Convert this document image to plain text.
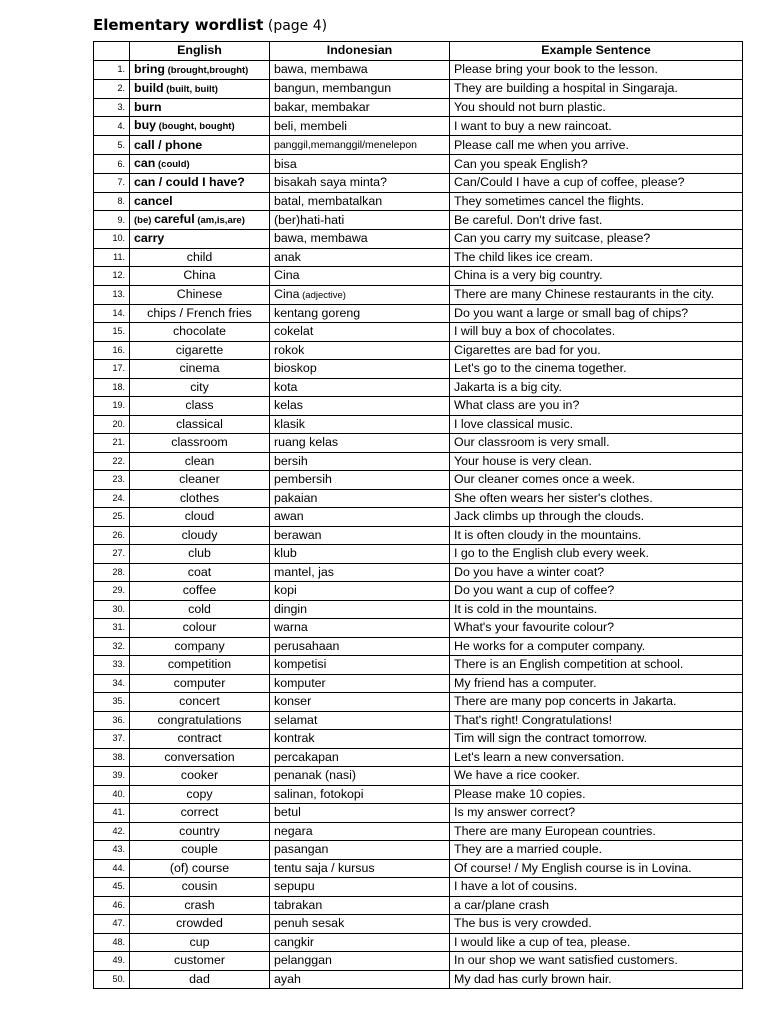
Elementary wordlist (page 4)
	English	Indonesian	Example Sentence
1.	bring (brought,brought)	bawa, membawa	Please bring your book to the lesson.
2.	build (built, built)	bangun, membangun	They are building a hospital in Singaraja.
3.	burn	bakar, membakar	You should not burn plastic.
4.	buy (bought, bought)	beli, membeli	I want to buy a new raincoat.
5.	call / phone	panggil,memanggil/menelepon	Please call me when you arrive.
6.	can (could)	bisa	Can you speak English?
7.	can / could I have?	bisakah saya minta?	Can/Could I have a cup of coffee, please?
8.	cancel	batal, membatalkan	They sometimes cancel the flights.
9.	(be) careful (am,is,are)	(ber)hati-hati	Be careful. Don't drive fast.
10.	carry	bawa, membawa	Can you carry my suitcase, please?
11.	child	anak	The child likes ice cream.
12.	China	Cina	China is a very big country.
13.	Chinese	Cina (adjective)	There are many Chinese restaurants in the city.
14.	chips / French fries	kentang goreng	Do you want a large or small bag of chips?
15.	chocolate	cokelat	I will buy a box of chocolates.
16.	cigarette	rokok	Cigarettes are bad for you.
17.	cinema	bioskop	Let's go to the cinema together.
18.	city	kota	Jakarta is a big city.
19.	class	kelas	What class are you in?
20.	classical	klasik	I love classical music.
21.	classroom	ruang kelas	Our classroom is very small.
22.	clean	bersih	Your house is very clean.
23.	cleaner	pembersih	Our cleaner comes once a week.
24.	clothes	pakaian	She often wears her sister's clothes.
25.	cloud	awan	Jack climbs up through the clouds.
26.	cloudy	berawan	It is often cloudy in the mountains.
27.	club	klub	I go to the English club every week.
28.	coat	mantel, jas	Do you have a winter coat?
29.	coffee	kopi	Do you want a cup of coffee?
30.	cold	dingin	It is cold in the mountains.
31.	colour	warna	What's your favourite colour?
32.	company	perusahaan	He works for a computer company.
33.	competition	kompetisi	There is an English competition at school.
34.	computer	komputer	My friend has a computer.
35.	concert	konser	There are many pop concerts in Jakarta.
36.	congratulations	selamat	That's right! Congratulations!
37.	contract	kontrak	Tim will sign the contract tomorrow.
38.	conversation	percakapan	Let's learn a new conversation.
39.	cooker	penanak (nasi)	We have a rice cooker.
40.	copy	salinan, fotokopi	Please make 10 copies.
41.	correct	betul	Is my answer correct?
42.	country	negara	There are many European countries.
43.	couple	pasangan	They are a married couple.
44.	(of) course	tentu saja / kursus	Of course! / My English course is in Lovina.
45.	cousin	sepupu	I have a lot of cousins.
46.	crash	tabrakan	a car/plane crash
47.	crowded	penuh sesak	The bus is very crowded.
48.	cup	cangkir	I would like a cup of tea, please.
49.	customer	pelanggan	In our shop we want satisfied customers.
50.	dad	ayah	My dad has curly brown hair.
